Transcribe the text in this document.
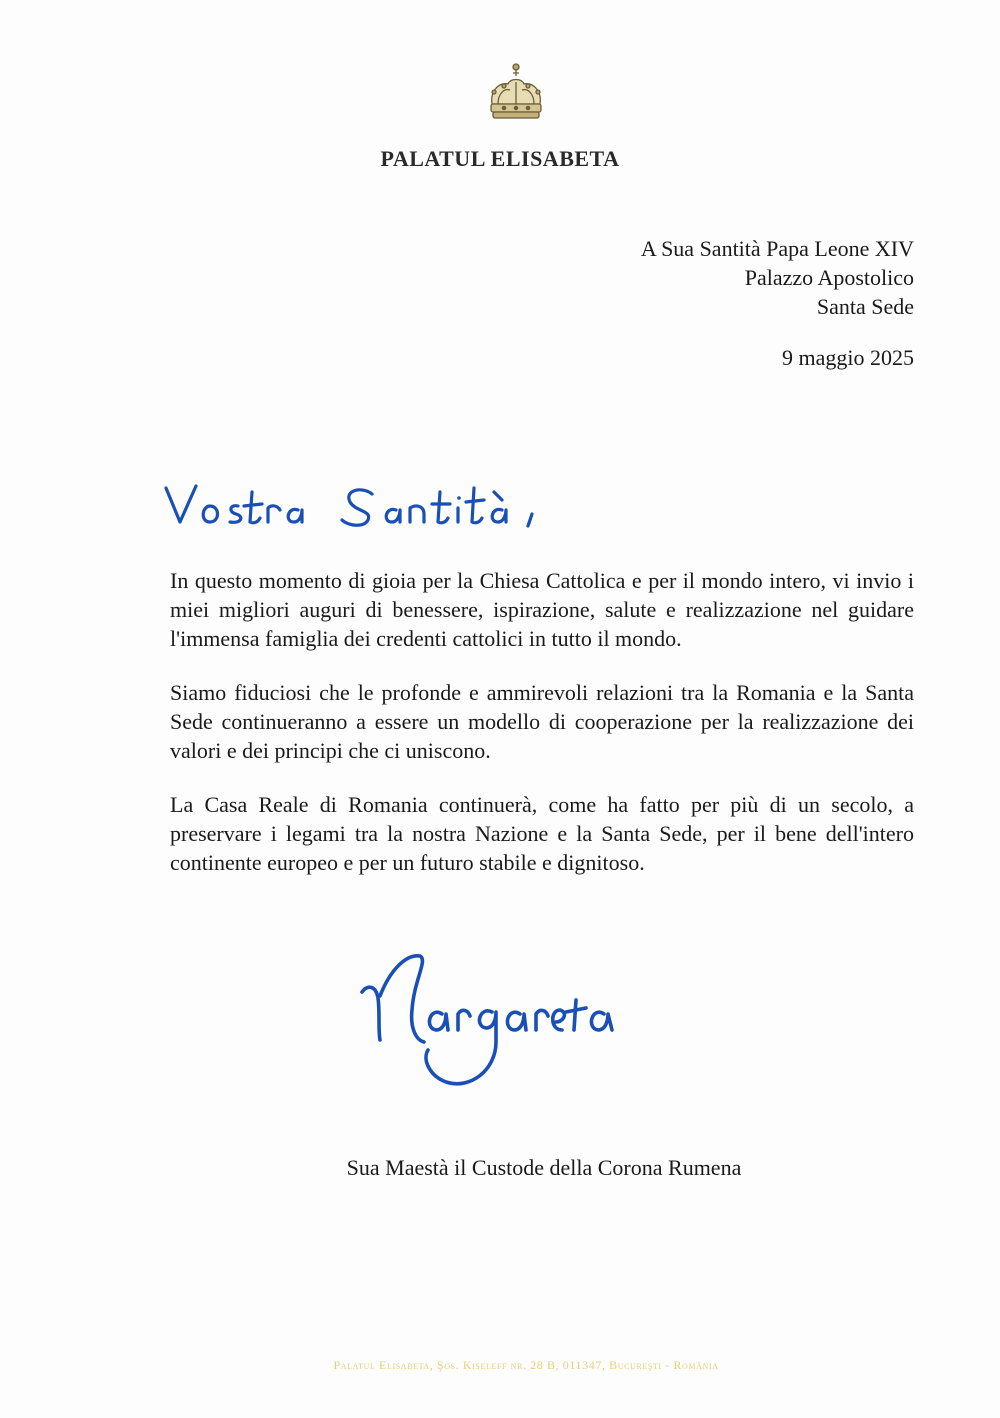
PALATUL ELISABETA
A Sua Santità Papa Leone XIV
Palazzo Apostolico
Santa Sede
9 maggio 2025

In questo momento di gioia per la Chiesa Cattolica e per il mondo intero, vi invio i miei migliori auguri di benessere, ispirazione, salute e realizzazione nel guidare l'immensa famiglia dei credenti cattolici in tutto il mondo.

Siamo fiduciosi che le profonde e ammirevoli relazioni tra la Romania e la Santa Sede continueranno a essere un modello di cooperazione per la realizzazione dei valori e dei principi che ci uniscono.

La Casa Reale di Romania continuerà, come ha fatto per più di un secolo, a preservare i legami tra la nostra Nazione e la Santa Sede, per il bene dell'intero continente europeo e per un futuro stabile e dignitoso.

Sua Maestà il Custode della Corona Rumena
Palatul Elisabeta, Şos. Kiseleff nr. 28 B, 011347, Bucureşti - România
